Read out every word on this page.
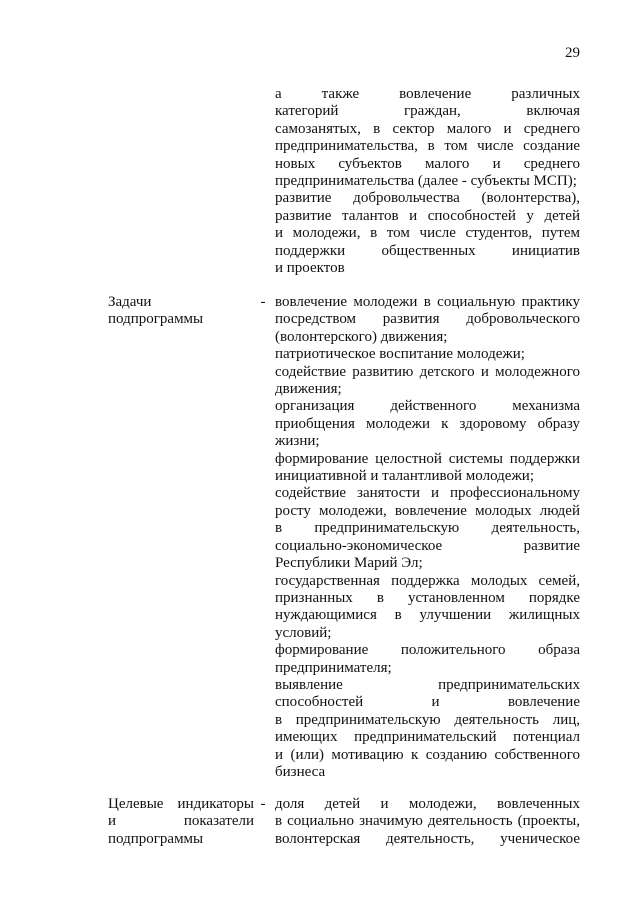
29
а также вовлечение различных
категорий граждан, включая
самозанятых, в сектор малого и среднего
предпринимательства, в том числе создание
новых субъектов малого и среднего
предпринимательства (далее - субъекты МСП);
развитие добровольчества (волонтерства),
развитие талантов и способностей у детей
и молодежи, в том числе студентов, путем
поддержки общественных инициатив
и проектов
Задачи
подпрограммы
- вовлечение молодежи в социальную практику
посредством развития добровольческого
(волонтерского) движения;
патриотическое воспитание молодежи;
содействие развитию детского и молодежного
движения;
организация действенного механизма
приобщения молодежи к здоровому образу
жизни;
формирование целостной системы поддержки
инициативной и талантливой молодежи;
содействие занятости и профессиональному
росту молодежи, вовлечение молодых людей
в предпринимательскую деятельность,
социально-экономическое развитие
Республики Марий Эл;
государственная поддержка молодых семей,
признанных в установленном порядке
нуждающимися в улучшении жилищных
условий;
формирование положительного образа
предпринимателя;
выявление предпринимательских
способностей и вовлечение
в предпринимательскую деятельность лиц,
имеющих предпринимательский потенциал
и (или) мотивацию к созданию собственного
бизнеса
Целевые индикаторы
и показатели
подпрограммы
- доля детей и молодежи, вовлеченных
в социально значимую деятельность (проекты,
волонтерская деятельность, ученическое
